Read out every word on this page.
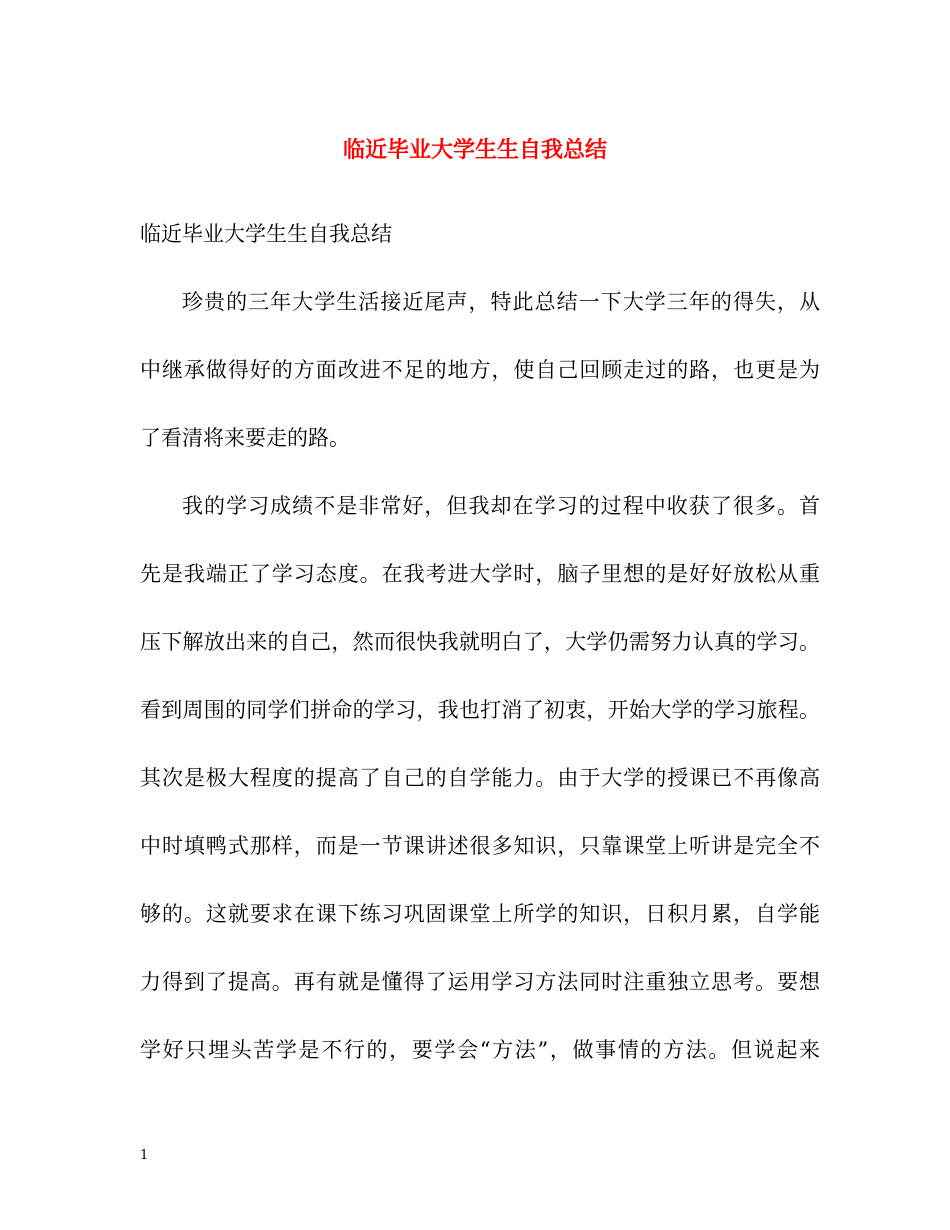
临近毕业大学生生自我总结

临近毕业大学生生自我总结

珍贵的三年大学生活接近尾声，特此总结一下大学三年的得失，从

中继承做得好的方面改进不足的地方，使自己回顾走过的路，也更是为

了看清将来要走的路。

我的学习成绩不是非常好，但我却在学习的过程中收获了很多。首

先是我端正了学习态度。在我考进大学时，脑子里想的是好好放松从重

压下解放出来的自己，然而很快我就明白了，大学仍需努力认真的学习。

看到周围的同学们拼命的学习，我也打消了初衷，开始大学的学习旅程。

其次是极大程度的提高了自己的自学能力。由于大学的授课已不再像高

中时填鸭式那样，而是一节课讲述很多知识，只靠课堂上听讲是完全不

够的。这就要求在课下练习巩固课堂上所学的知识，日积月累，自学能

力得到了提高。再有就是懂得了运用学习方法同时注重独立思考。要想

学好只埋头苦学是不行的，要学会“方法”，做事情的方法。但说起来

1
